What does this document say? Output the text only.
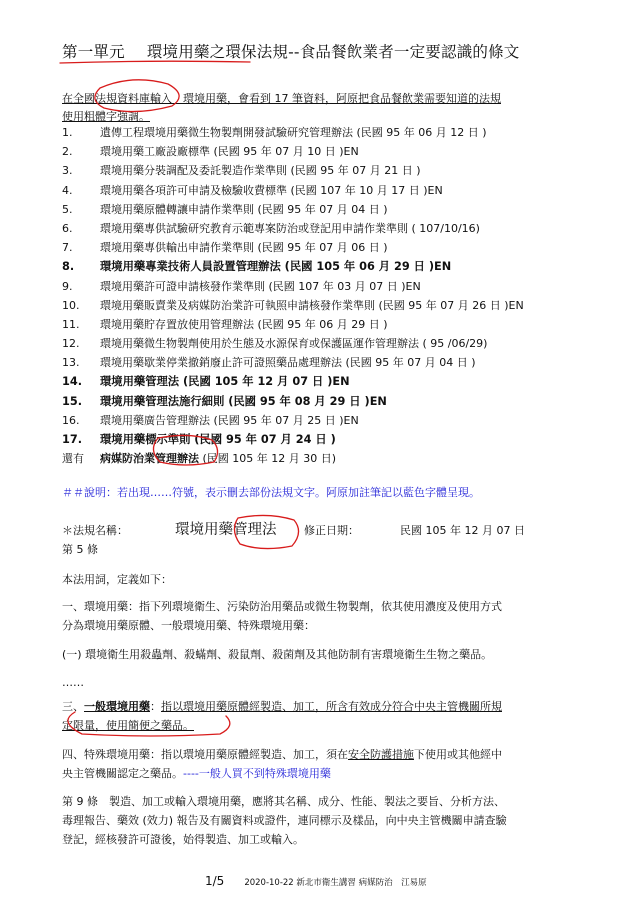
第一單元 環境用藥之環保法規--食品餐飲業者一定要認識的條文
在全國法規資料庫輸入　環境用藥，會看到 17 筆資料，阿原把食品餐飲業需要知道的法規
使用粗體字強調。
1.	遺傳工程環境用藥微生物製劑開發試驗研究管理辦法 (民國 95 年 06 月 12 日 )
2.	環境用藥工廠設廠標準 (民國 95 年 07 月 10 日 )EN
3.	環境用藥分裝調配及委託製造作業準則 (民國 95 年 07 月 21 日 )
4.	環境用藥各項許可申請及檢驗收費標準 (民國 107 年 10 月 17 日 )EN
5.	環境用藥原體轉讓申請作業準則 (民國 95 年 07 月 04 日 )
6.	環境用藥專供試驗研究教育示範專案防治或登記用申請作業準則 ( 107/10/16)
7.	環境用藥專供輸出申請作業準則 (民國 95 年 07 月 06 日 )
8.	環境用藥專業技術人員設置管理辦法 (民國 105 年 06 月 29 日 )EN
9.	環境用藥許可證申請核發作業準則 (民國 107 年 03 月 07 日 )EN
10.	環境用藥販賣業及病媒防治業許可執照申請核發作業準則 (民國 95 年 07 月 26 日 )EN
11.	環境用藥貯存置放使用管理辦法 (民國 95 年 06 月 29 日 )
12.	環境用藥微生物製劑使用於生態及水源保育或保護區運作管理辦法 ( 95 /06/29)
13.	環境用藥歇業停業撤銷廢止許可證照藥品處理辦法 (民國 95 年 07 月 04 日 )
14.	環境用藥管理法 (民國 105 年 12 月 07 日 )EN
15.	環境用藥管理法施行細則 (民國 95 年 08 月 29 日 )EN
16.	環境用藥廣告管理辦法 (民國 95 年 07 月 25 日 )EN
17.	環境用藥標示準則 (民國 95 年 07 月 24 日 )
還有	病媒防治業管理辦法 (民國 105 年 12 月 30 日)
＃＃說明：若出現……符號，表示刪去部份法規文字。阿原加註筆記以藍色字體呈現。
＊法規名稱：	環境用藥管理法	修正日期：	民國 105 年 12 月 07 日
第 5 條
本法用詞，定義如下：
一、環境用藥：指下列環境衛生、污染防治用藥品或微生物製劑，依其使用濃度及使用方式
分為環境用藥原體、一般環境用藥、特殊環境用藥：
(一) 環境衛生用殺蟲劑、殺蟎劑、殺鼠劑、殺菌劑及其他防制有害環境衛生生物之藥品。
……
三、一般環境用藥：指以環境用藥原體經製造、加工，所含有效成分符合中央主管機關所規
定限量，使用簡便之藥品。
四、特殊環境用藥：指以環境用藥原體經製造、加工，須在安全防護措施下使用或其他經中
央主管機關認定之藥品。----一般人買不到特殊環境用藥
第 9 條　製造、加工或輸入環境用藥，應將其名稱、成分、性能、製法之要旨、分析方法、
毒理報告、藥效 (效力) 報告及有關資料或證件，連同標示及樣品，向中央主管機關申請查驗
登記，經核發許可證後，始得製造、加工或輸入。
1/5 2020-10-22 新北市衛生講習 病媒防治　江易原
